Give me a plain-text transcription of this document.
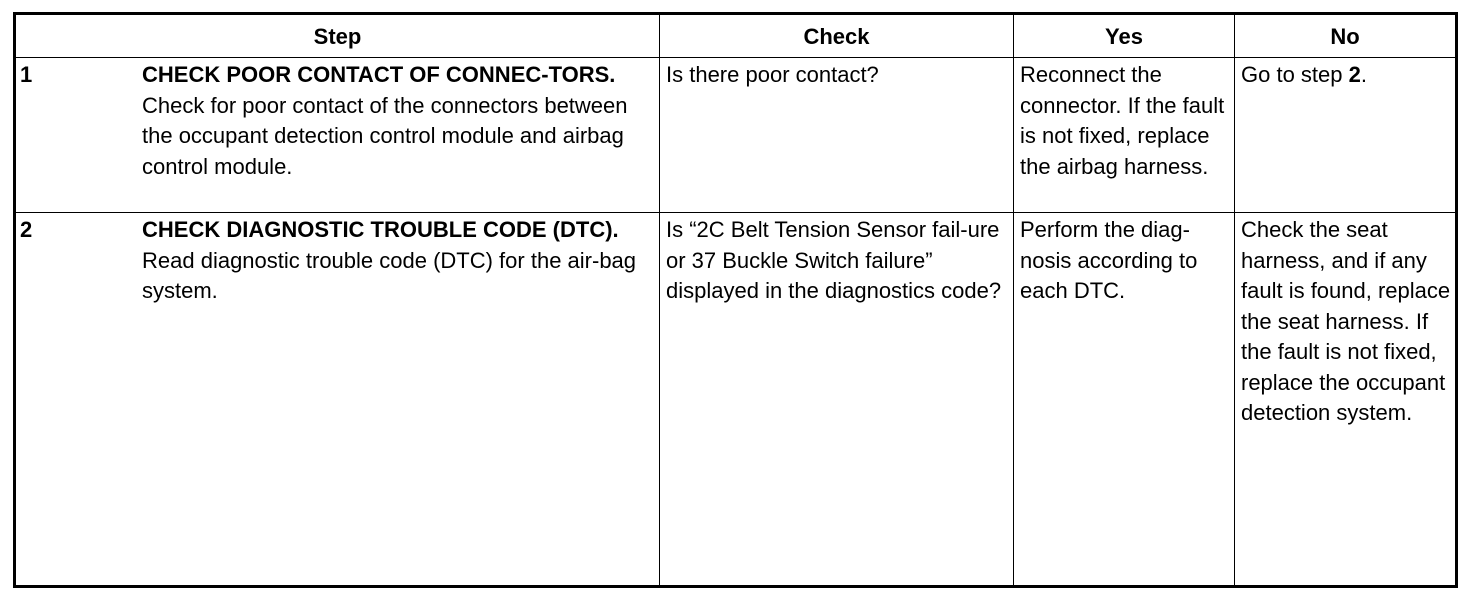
Step	Check	Yes	No

1 CHECK POOR CONTACT OF CONNEC-TORS.
Check for poor contact of the connectors between the occupant detection control module and airbag control module.	Is there poor contact?	Reconnect the connector. If the fault is not fixed, replace the airbag harness.	Go to step 2.

2 CHECK DIAGNOSTIC TROUBLE CODE (DTC).
Read diagnostic trouble code (DTC) for the air-bag system.	Is “2C Belt Tension Sensor fail-ure or 37 Buckle Switch failure” displayed in the diagnostics code?	Perform the diag-nosis according to each DTC.	Check the seat harness, and if any fault is found, replace the seat harness. If the fault is not fixed, replace the occupant detection system.
